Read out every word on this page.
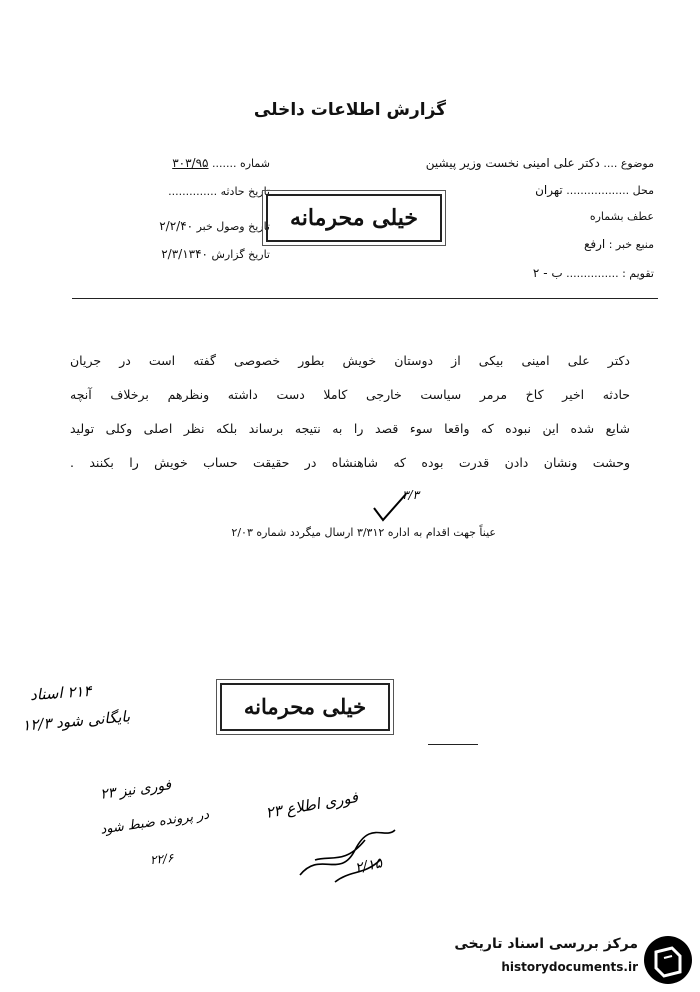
گزارش اطلاعات داخلی
موضوع .... دکتر علی امینی نخست وزیر پیشین
محل .................. تهران
عطف بشماره
منبع خبر : ارفع
تقویم : ............... ب - ۲
شماره ....... ۳۰۳/۹۵
تاریخ حادثه ..............
تاریخ وصول خبر ۲/۲/۴۰
تاریخ گزارش ۲/۳/۱۳۴۰
خیلی محرمانه
دکتر علی امینی بیکی از دوستان خویش بطور خصوصی گفته است در جریان
حادثه اخیر کاخ مرمر سیاست خارجی کاملا دست داشته ونظرهم برخلاف آنچه
شایع شده این نبوده که واقعا سوء قصد را به نتیجه برساند بلکه نظر اصلی وکلی تولید
وحشت ونشان دادن قدرت بوده که شاهنشاه در حقیقت حساب خویش را بکنند .
۳/۳
عیناً جهت اقدام به اداره ۳/۳۱۲ ارسال میگردد شماره ۲/۰۳
خیلی محرمانه
۲۱۴ اسناد
بایگانی شود ۱۲/۳
فوری نیز ۲۳
در پرونده ضبط شود
۲۲/۶
فوری اطلاع ۲۳
۲/۱۵
مرکز بررسی اسناد تاریخی
historydocuments.ir
